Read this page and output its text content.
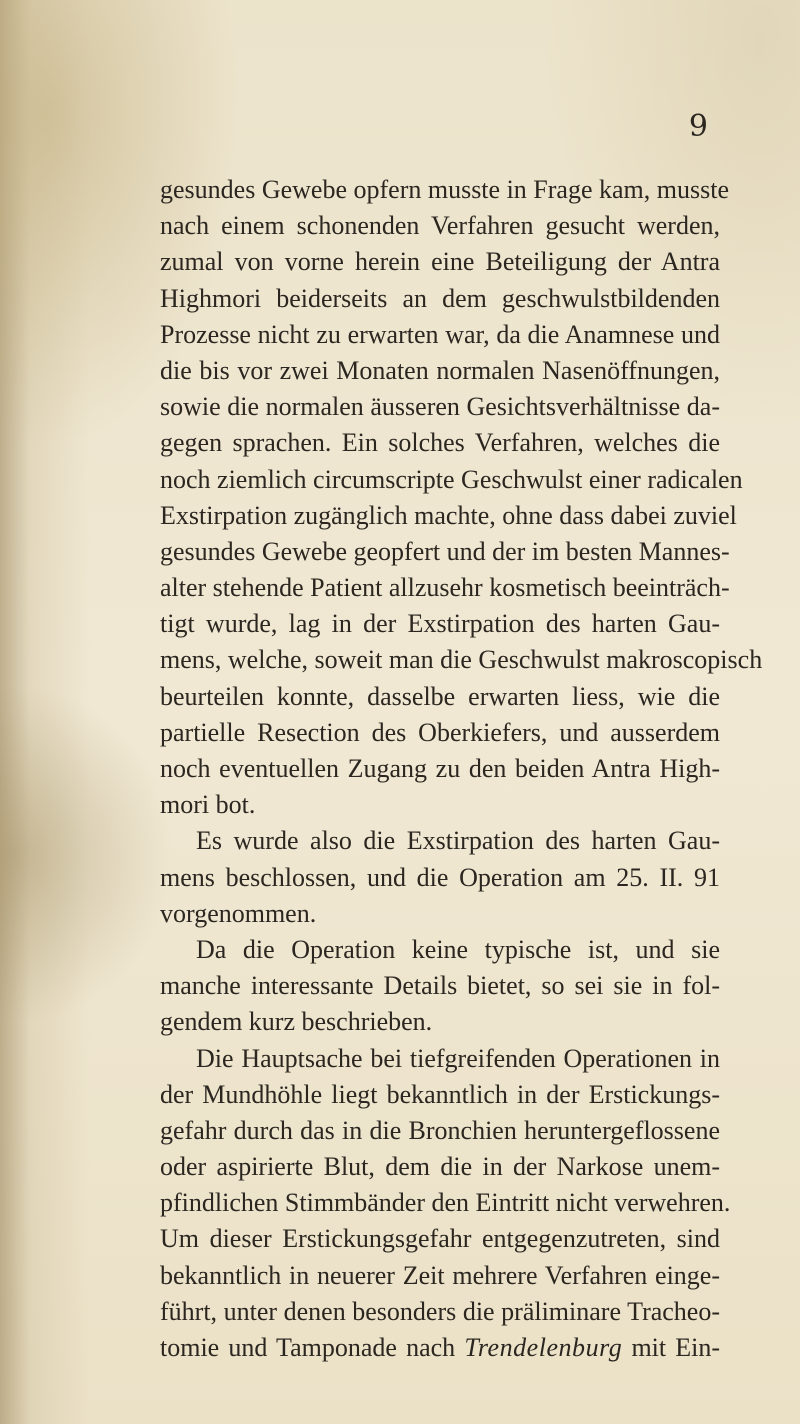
9
gesundes Gewebe opfern musste in Frage kam, musste
nach einem schonenden Verfahren gesucht werden,
zumal von vorne herein eine Beteiligung der Antra
Highmori beiderseits an dem geschwulstbildenden
Prozesse nicht zu erwarten war, da die Anamnese und
die bis vor zwei Monaten normalen Nasenöffnungen,
sowie die normalen äusseren Gesichtsverhältnisse da-
gegen sprachen. Ein solches Verfahren, welches die
noch ziemlich circumscripte Geschwulst einer radicalen
Exstirpation zugänglich machte, ohne dass dabei zuviel
gesundes Gewebe geopfert und der im besten Mannes-
alter stehende Patient allzusehr kosmetisch beeinträch-
tigt wurde, lag in der Exstirpation des harten Gau-
mens, welche, soweit man die Geschwulst makroscopisch
beurteilen konnte, dasselbe erwarten liess, wie die
partielle Resection des Oberkiefers, und ausserdem
noch eventuellen Zugang zu den beiden Antra High-
mori bot.
Es wurde also die Exstirpation des harten Gau-
mens beschlossen, und die Operation am 25. II. 91
vorgenommen.
Da die Operation keine typische ist, und sie
manche interessante Details bietet, so sei sie in fol-
gendem kurz beschrieben.
Die Hauptsache bei tiefgreifenden Operationen in
der Mundhöhle liegt bekanntlich in der Erstickungs-
gefahr durch das in die Bronchien heruntergeflossene
oder aspirierte Blut, dem die in der Narkose unem-
pfindlichen Stimmbänder den Eintritt nicht verwehren.
Um dieser Erstickungsgefahr entgegenzutreten, sind
bekanntlich in neuerer Zeit mehrere Verfahren einge-
führt, unter denen besonders die präliminare Tracheo-
tomie und Tamponade nach Trendelenburg mit Ein-
